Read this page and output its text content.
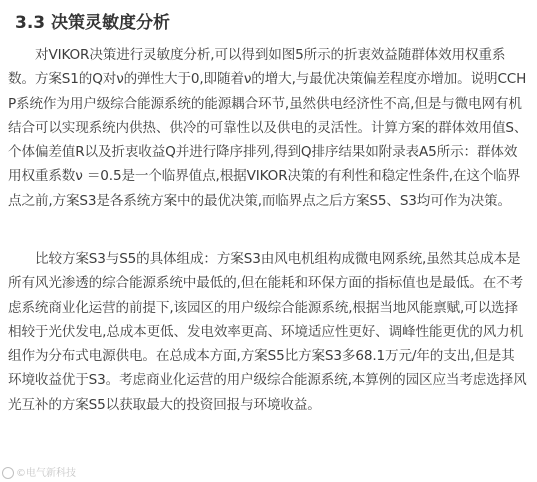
3.3 决策灵敏度分析

对VIKOR决策进行灵敏度分析,可以得到如图5所示的折衷效益随群体效用权重系数。方案S1的Q对ν的弹性大于0,即随着ν的增大,与最优决策偏差程度亦增加。说明CCHP系统作为用户级综合能源系统的能源耦合环节,虽然供电经济性不高,但是与微电网有机结合可以实现系统内供热、供冷的可靠性以及供电的灵活性。计算方案的群体效用值S、个体偏差值R以及折衷收益Q并进行降序排列,得到Q排序结果如附录表A5所示：群体效用权重系数ν ＝0.5是一个临界值点,根据VIKOR决策的有利性和稳定性条件,在这个临界点之前,方案S3是各系统方案中的最优决策,而临界点之后方案S5、S3均可作为决策。

比较方案S3与S5的具体组成：方案S3由风电机组构成微电网系统,虽然其总成本是所有风光渗透的综合能源系统中最低的,但在能耗和环保方面的指标值也是最低。在不考虑系统商业化运营的前提下,该园区的用户级综合能源系统,根据当地风能禀赋,可以选择相较于光伏发电,总成本更低、发电效率更高、环境适应性更好、调峰性能更优的风力机组作为分布式电源供电。在总成本方面,方案S5比方案S3多68.1万元/年的支出,但是其环境收益优于S3。考虑商业化运营的用户级综合能源系统,本算例的园区应当考虑选择风光互补的方案S5以获取最大的投资回报与环境收益。

©电气新科技
